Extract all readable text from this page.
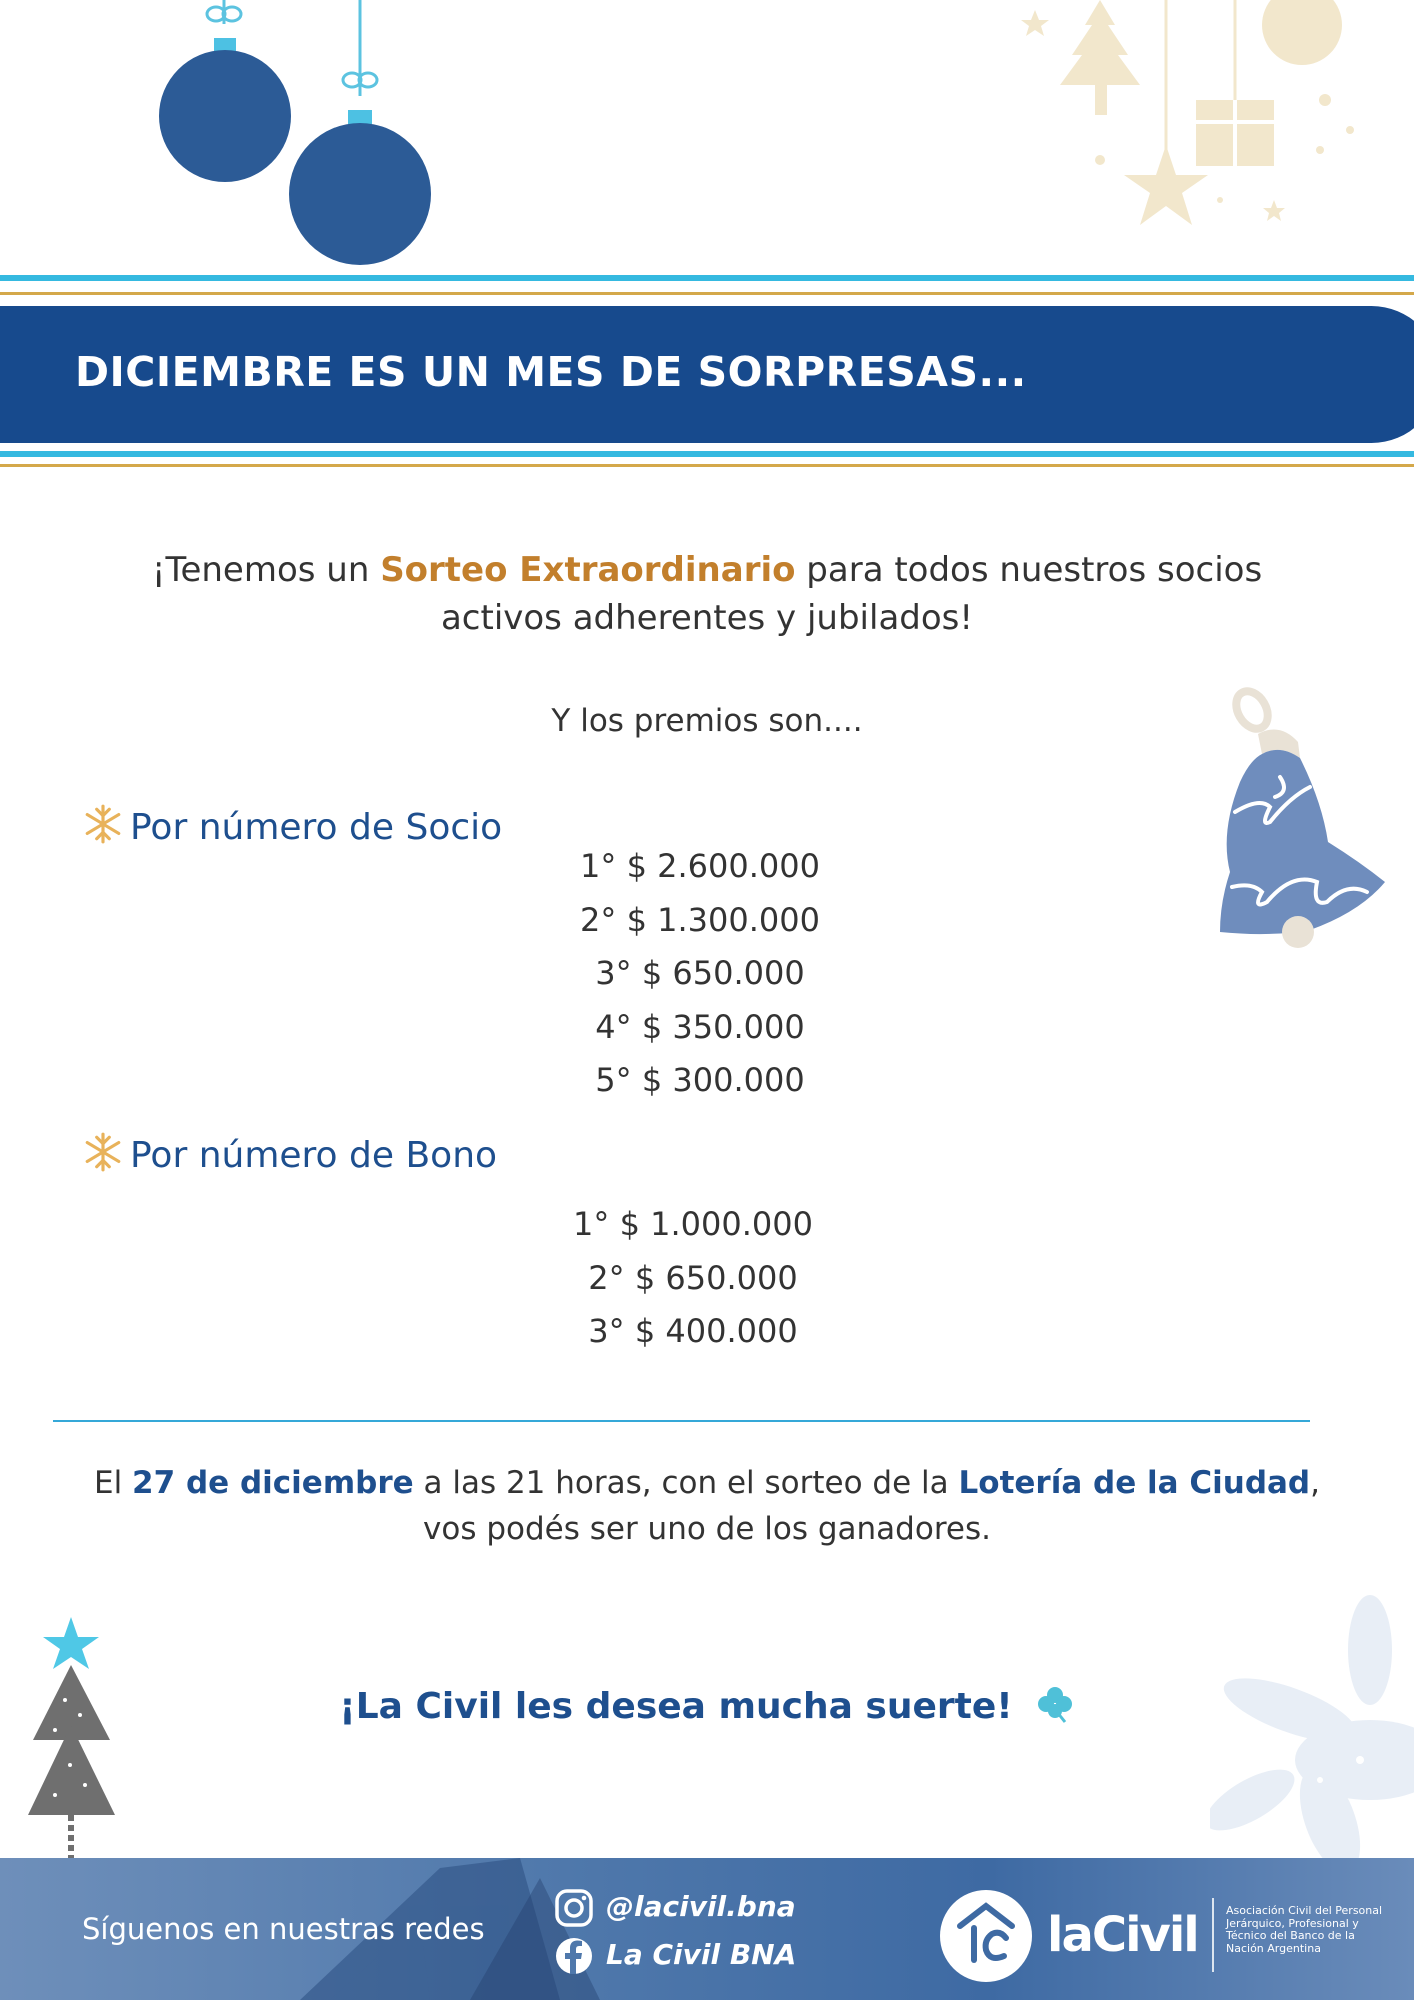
DICIEMBRE ES UN MES DE SORPRESAS...
¡Tenemos un Sorteo Extraordinario para todos nuestros socios
activos adherentes y jubilados!
Y los premios son....
Por número de Socio
1° $ 2.600.000
2° $ 1.300.000
3° $ 650.000
4° $ 350.000
5° $ 300.000
Por número de Bono
1° $ 1.000.000
2° $ 650.000
3° $ 400.000
El 27 de diciembre a las 21 horas, con el sorteo de la Lotería de la Ciudad,
vos podés ser uno de los ganadores.
¡La Civil les desea mucha suerte!
Síguenos en nuestras redes
@lacivil.bna
La Civil BNA	laCivil	Asociación Civil del Personal Jerárquico, Profesional y Técnico del Banco de la Nación Argentina
